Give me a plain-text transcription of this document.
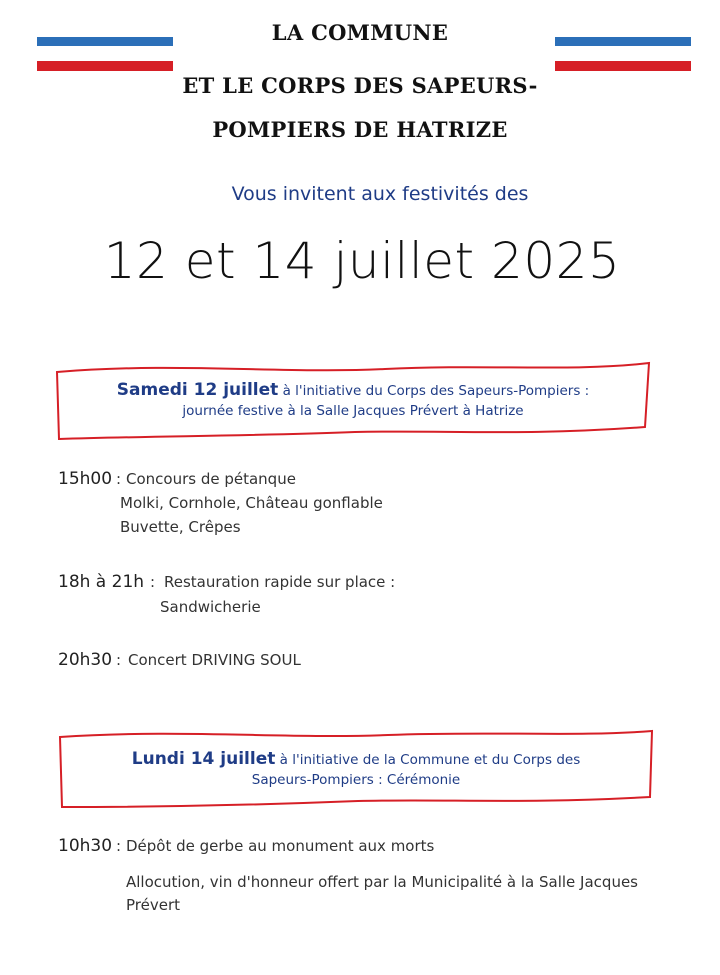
LA COMMUNE
ET LE CORPS DES SAPEURS-
POMPIERS DE HATRIZE
Vous invitent aux festivités des
12 et 14 juillet 2025
Samedi 12 juillet à l'initiative du Corps des Sapeurs-Pompiers :
journée festive à la Salle Jacques Prévert à Hatrize
15h00 : Concours de pétanque
Molki, Cornhole, Château gonflable
Buvette, Crêpes
18h à 21h : Restauration rapide sur place :
Sandwicherie
20h30 : Concert DRIVING SOUL
Lundi 14 juillet à l'initiative de la Commune et du Corps des
Sapeurs-Pompiers : Cérémonie
10h30 : Dépôt de gerbe au monument aux morts
Allocution, vin d'honneur offert par la Municipalité à la Salle Jacques
Prévert
